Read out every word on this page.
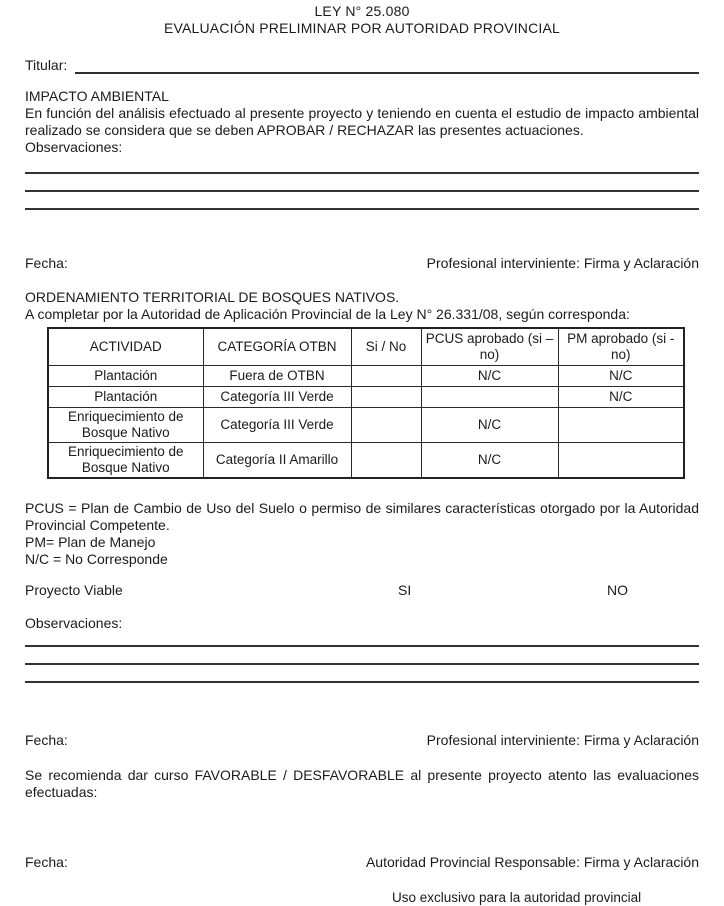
LEY N° 25.080
EVALUACIÓN PRELIMINAR POR AUTORIDAD PROVINCIAL
Titular:
IMPACTO AMBIENTAL
En función del análisis efectuado al presente proyecto y teniendo en cuenta el estudio de impacto ambiental realizado se considera que se deben APROBAR / RECHAZAR las presentes actuaciones.
Observaciones:
Fecha:	Profesional interviniente: Firma y Aclaración
ORDENAMIENTO TERRITORIAL DE BOSQUES NATIVOS.
A completar por la Autoridad de Aplicación Provincial de la Ley N° 26.331/08, según corresponda:
ACTIVIDAD	CATEGORÍA OTBN	Si / No	PCUS aprobado (si – no)	PM aprobado (si - no)
Plantación	Fuera de OTBN		N/C	N/C
Plantación	Categoría III Verde			N/C
Enriquecimiento de Bosque Nativo	Categoría III Verde		N/C	
Enriquecimiento de Bosque Nativo	Categoría II Amarillo		N/C	
PCUS = Plan de Cambio de Uso del Suelo o permiso de similares características otorgado por la Autoridad Provincial Competente.
PM= Plan de Manejo
N/C = No Corresponde
Proyecto Viable	SI	NO
Observaciones:
Fecha:	Profesional interviniente: Firma y Aclaración
Se recomienda dar curso FAVORABLE / DESFAVORABLE al presente proyecto atento las evaluaciones efectuadas:
Fecha:	Autoridad Provincial Responsable: Firma y Aclaración
Uso exclusivo para la autoridad provincial
